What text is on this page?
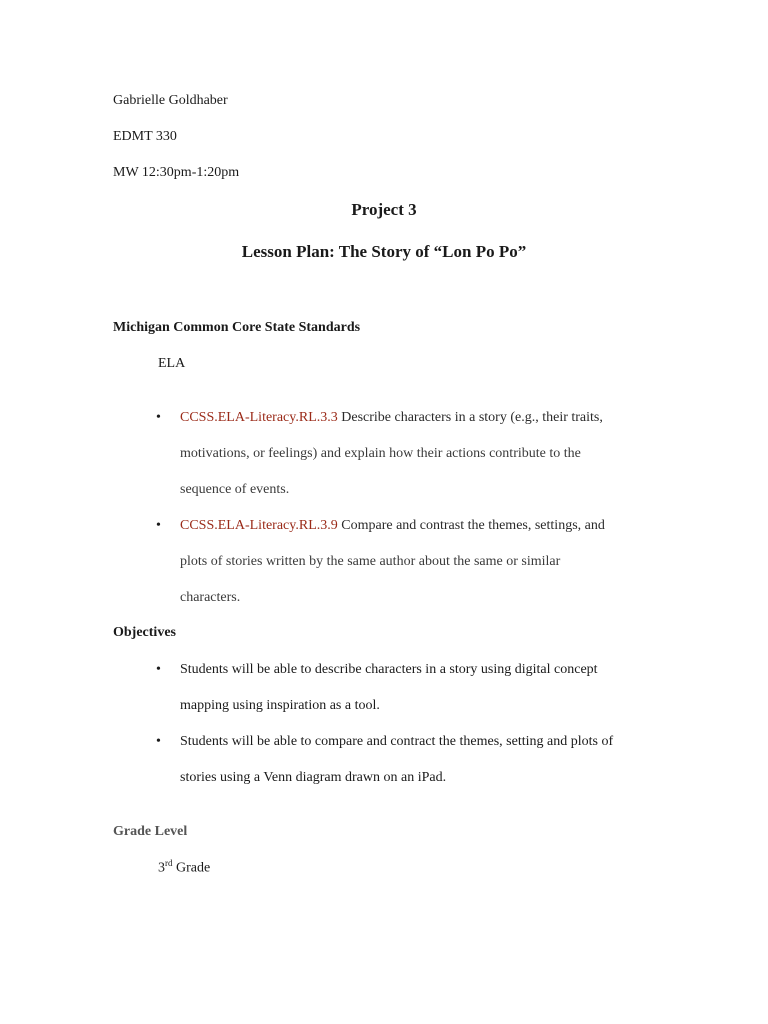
Gabrielle Goldhaber
EDMT 330
MW 12:30pm-1:20pm
Project 3
Lesson Plan: The Story of “Lon Po Po”
Michigan Common Core State Standards
ELA
• CCSS.ELA-Literacy.RL.3.3 Describe characters in a story (e.g., their traits,
motivations, or feelings) and explain how their actions contribute to the
sequence of events.
• CCSS.ELA-Literacy.RL.3.9 Compare and contrast the themes, settings, and
plots of stories written by the same author about the same or similar
characters.
Objectives
• Students will be able to describe characters in a story using digital concept
mapping using inspiration as a tool.
• Students will be able to compare and contract the themes, setting and plots of
stories using a Venn diagram drawn on an iPad.
Grade Level
3rd Grade
